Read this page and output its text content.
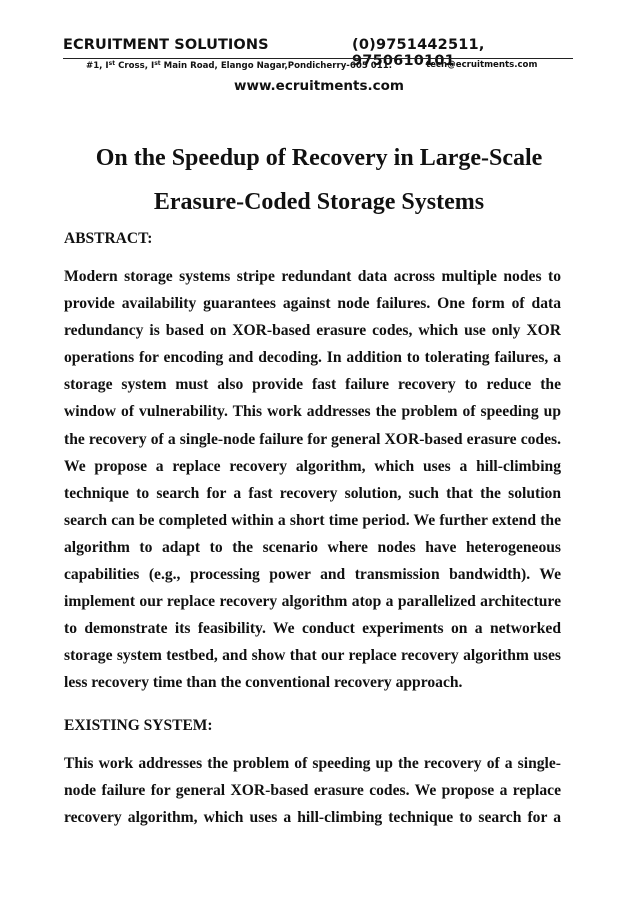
ECRUITMENT SOLUTIONS	(0)9751442511, 9750610101
#1, Ist Cross, Ist Main Road, Elango Nagar,Pondicherry-605 011.	tech@ecruitments.com
www.ecruitments.com
On the Speedup of Recovery in Large-Scale
Erasure-Coded Storage Systems
ABSTRACT:
Modern storage systems stripe redundant data across multiple nodes to
provide availability guarantees against node failures. One form of data
redundancy is based on XOR-based erasure codes, which use only XOR
operations for encoding and decoding. In addition to tolerating failures, a
storage system must also provide fast failure recovery to reduce the
window of vulnerability. This work addresses the problem of speeding up
the recovery of a single-node failure for general XOR-based erasure codes.
We propose a replace recovery algorithm, which uses a hill-climbing
technique to search for a fast recovery solution, such that the solution
search can be completed within a short time period. We further extend the
algorithm to adapt to the scenario where nodes have heterogeneous
capabilities (e.g., processing power and transmission bandwidth). We
implement our replace recovery algorithm atop a parallelized architecture
to demonstrate its feasibility. We conduct experiments on a networked
storage system testbed, and show that our replace recovery algorithm uses
less recovery time than the conventional recovery approach.
EXISTING SYSTEM:
This work addresses the problem of speeding up the recovery of a single-
node failure for general XOR-based erasure codes. We propose a replace
recovery algorithm, which uses a hill-climbing technique to search for a
